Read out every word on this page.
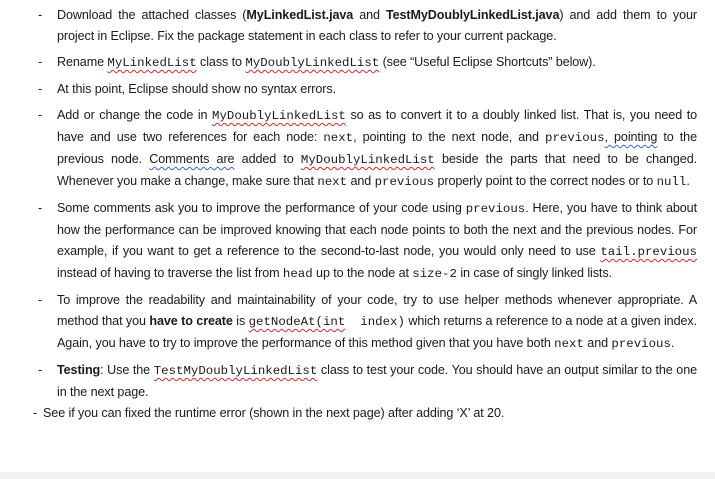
-	Download the attached classes (MyLinkedList.java and TestMyDoublyLinkedList.java) and add them to your project in Eclipse. Fix the package statement in each class to refer to your current package.
-	Rename MyLinkedList class to MyDoublyLinkedList (see “Useful Eclipse Shortcuts” below).
-	At this point, Eclipse should show no syntax errors.
-	Add or change the code in MyDoublyLinkedList so as to convert it to a doubly linked list. That is, you need to have and use two references for each node: next, pointing to the next node, and previous, pointing to the previous node. Comments are added to MyDoublyLinkedList beside the parts that need to be changed. Whenever you make a change, make sure that next and previous properly point to the correct nodes or to null.
-	Some comments ask you to improve the performance of your code using previous. Here, you have to think about how the performance can be improved knowing that each node points to both the next and the previous nodes. For example, if you want to get a reference to the second-to-last node, you would only need to use tail.previous instead of having to traverse the list from head up to the node at size-2 in case of singly linked lists.
-	To improve the readability and maintainability of your code, try to use helper methods whenever appropriate. A method that you have to create is getNodeAt(int  index) which returns a reference to a node at a given index. Again, you have to try to improve the performance of this method given that you have both next and previous.
-	Testing: Use the TestMyDoublyLinkedList class to test your code. You should have an output similar to the one in the next page.
- See if you can fixed the runtime error (shown in the next page) after adding ‘X’ at 20.
